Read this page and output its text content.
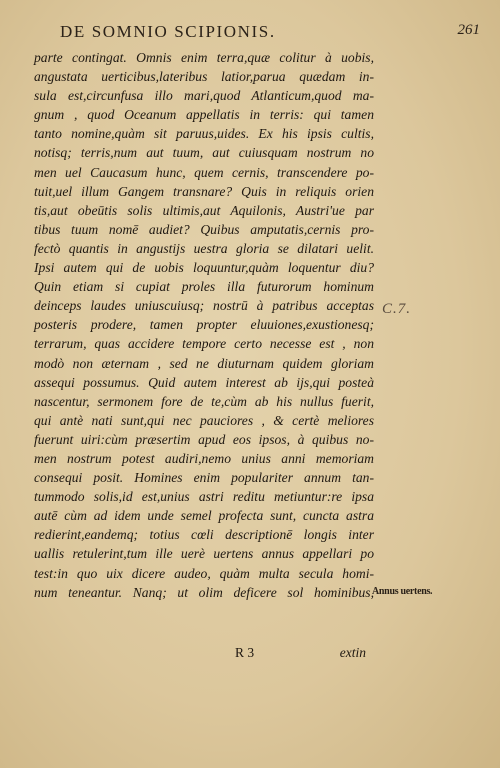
DE SOMNIO SCIPIONIS.	261
parte contingat. Omnis enim terra,quæ colitur à uobis,
angustata uerticibus,lateribus latior,parua quædam in-
sula est,circunfusa illo mari,quod Atlanticum,quod ma-
gnum , quod Oceanum appellatis in terris: qui tamen
tanto nomine,quàm sit paruus,uides. Ex his ipsis cultis,
notisq; terris,num aut tuum, aut cuiusquam nostrum no
men uel Caucasum hunc, quem cernis, transcendere po-
tuit,uel illum Gangem transnare? Quis in reliquis orien
tis,aut obeūtis solis ultimis,aut Aquilonis, Austri'ue par
tibus tuum nomē audiet? Quibus amputatis,cernis pro-
fectò quantis in angustijs uestra gloria se dilatari uelit.
Ipsi autem qui de uobis loquuntur,quàm loquentur diu?
Quin etiam si cupiat proles illa futurorum hominum
deinceps laudes uniuscuiusq; nostrū à patribus acceptas
posteris prodere, tamen propter eluuiones,exustionesq;
terrarum, quas accidere tempore certo necesse est , non
modò non æternam , sed ne diuturnam quidem gloriam
assequi possumus. Quid autem interest ab ijs,qui posteà
nascentur, sermonem fore de te,cùm ab his nullus fuerit,
qui antè nati sunt,qui nec pauciores , & certè meliores
fuerunt uiri:cùm præsertim apud eos ipsos, à quibus no-
men nostrum potest audiri,nemo unius anni memoriam
consequi posit. Homines enim populariter annum tan-
tummodo solis,id est,unius astri reditu metiuntur:re ipsa
autē cùm ad idem unde semel profecta sunt, cuncta astra
redierint,eandemq; totius cœli descriptionē longis inter
uallis retulerint,tum ille uerè uertens annus appellari po
test:in quo uix dicere audeo, quàm multa secula homi-
num teneantur. Nanq; ut olim deficere sol hominibus,
C.7.
Annus uertens.
R 3	extin
